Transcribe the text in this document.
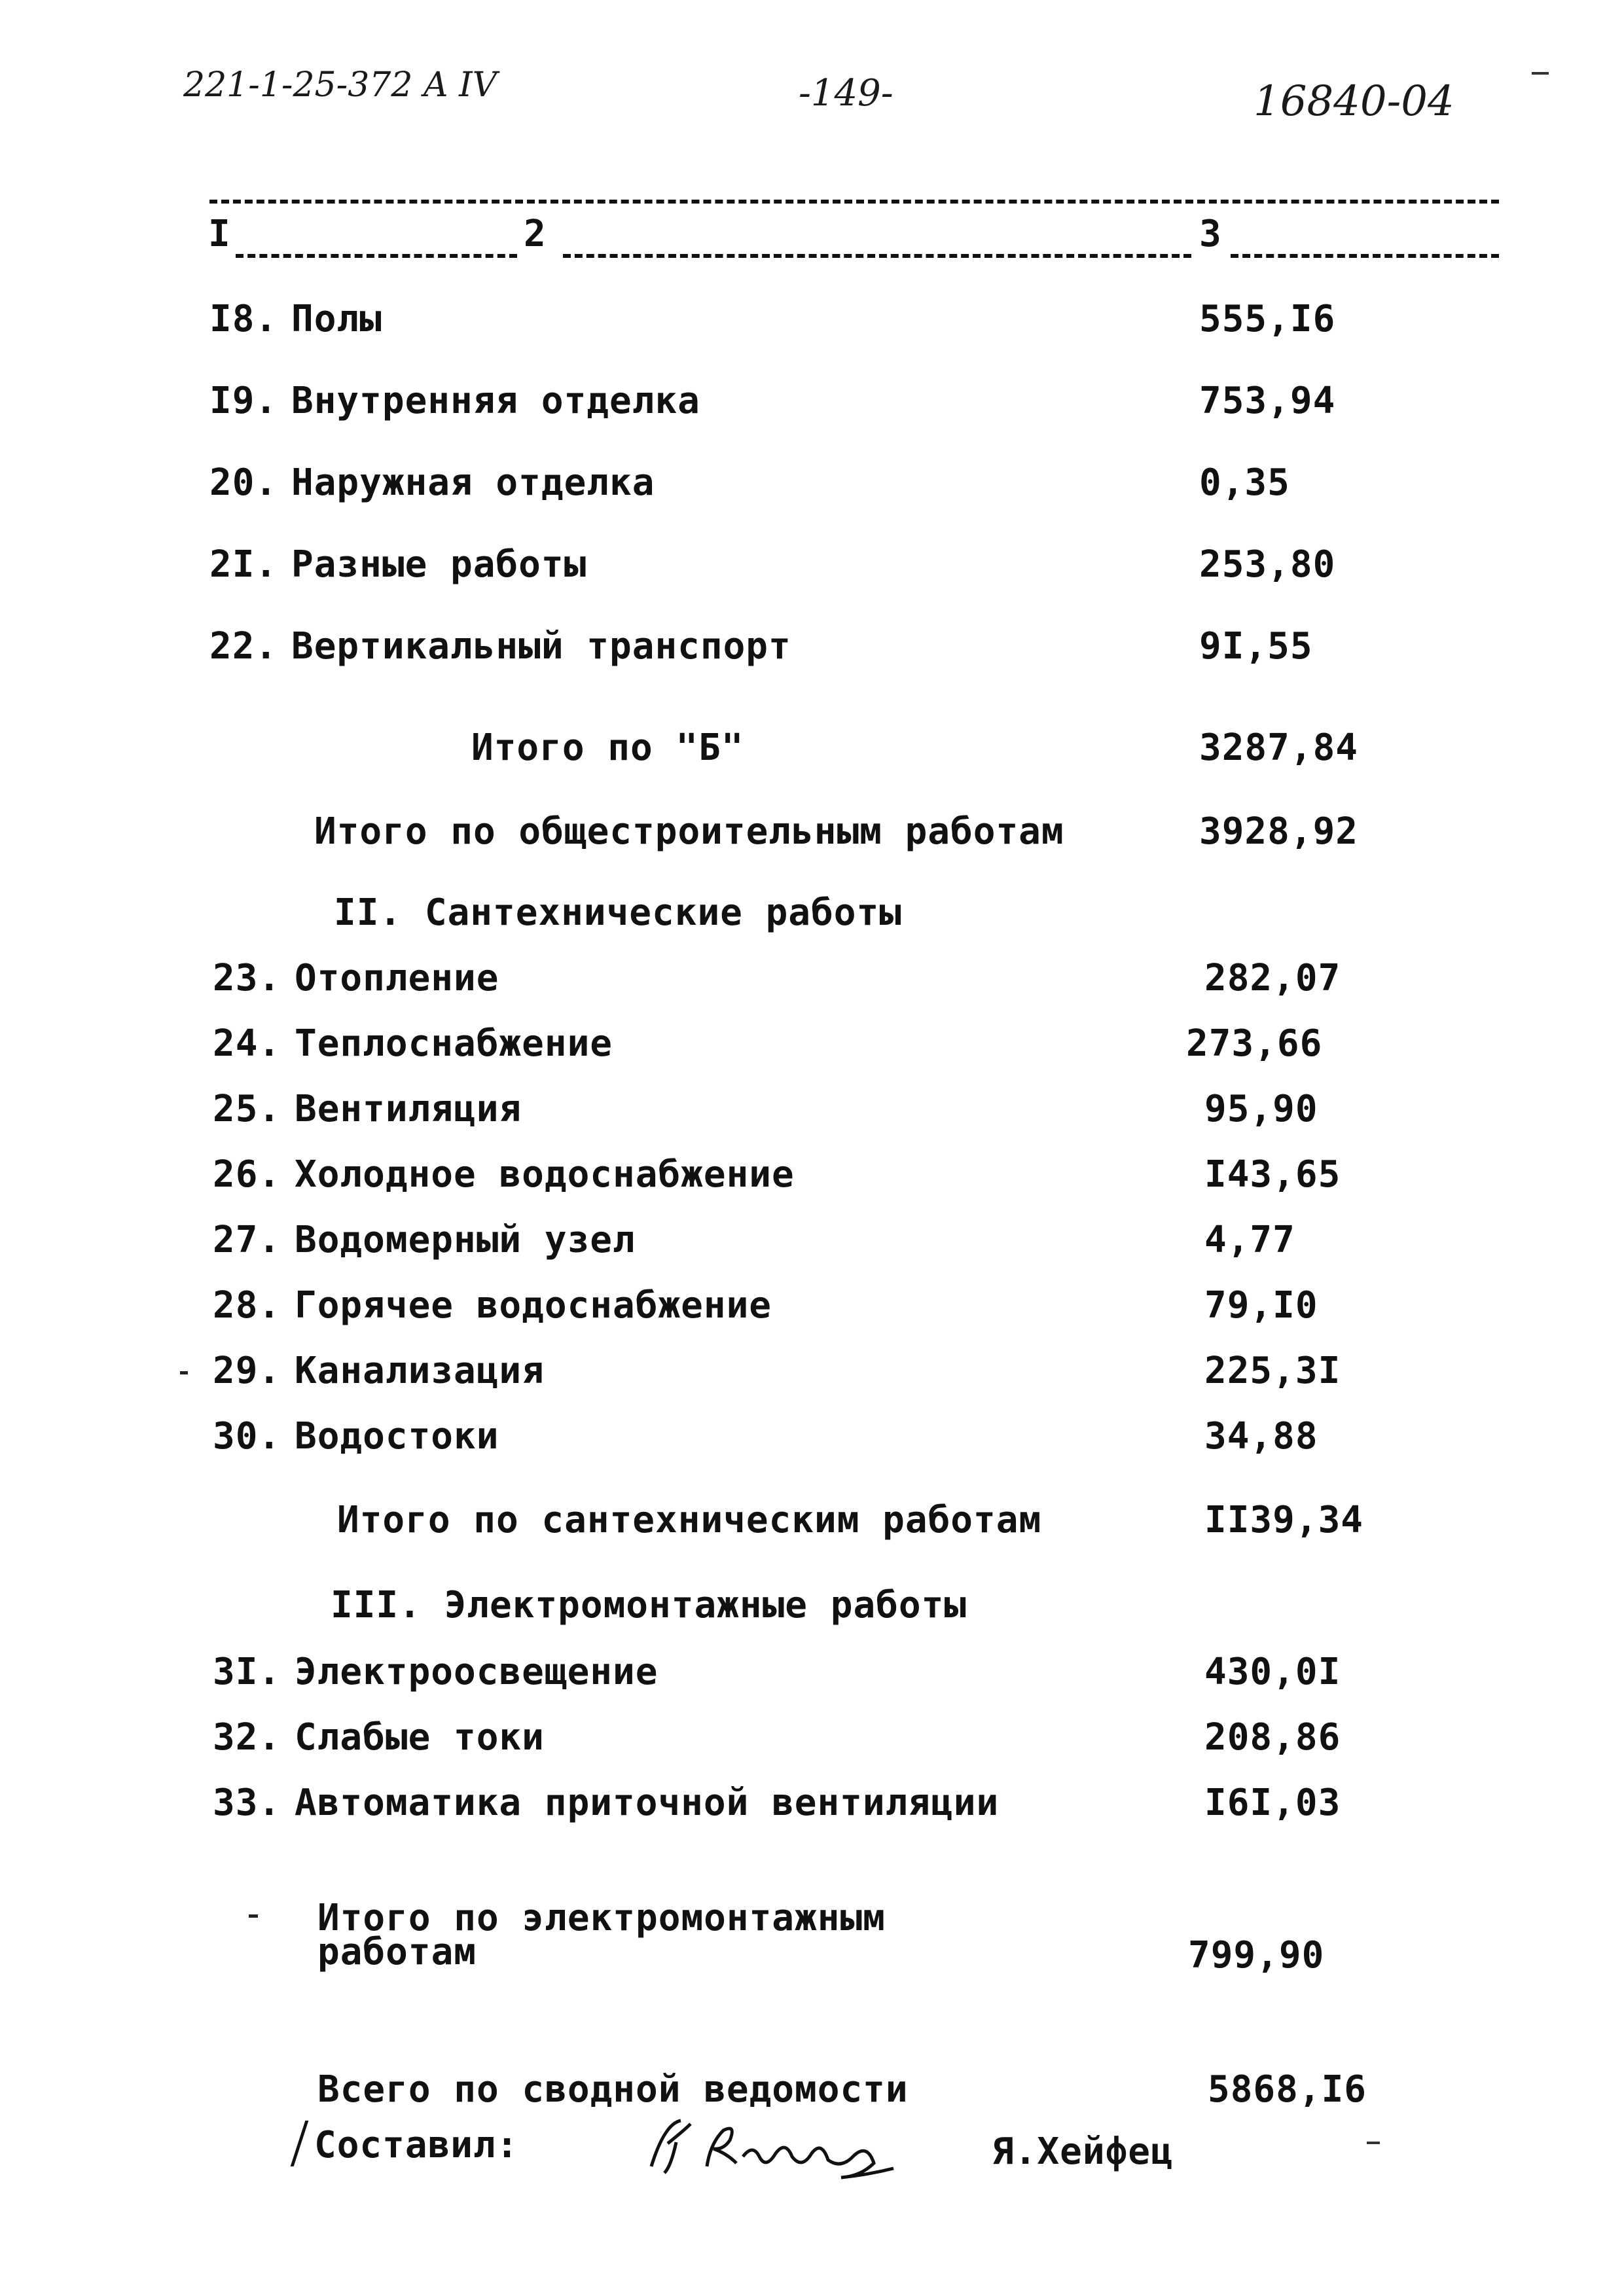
221-1-25-372 A IV	-149-	16840-04
I	2	3
I8. Полы	555,I6
I9. Внутренняя отделка	753,94
20. Наружная отделка	0,35
2I. Разные работы	253,80
22. Вертикальный транспорт	9I,55
Итого по "Б"	3287,84
Итого по общестроительным работам	3928,92
II. Сантехнические работы
23. Отопление	282,07
24. Теплоснабжение	273,66
25. Вентиляция	95,90
26. Холодное водоснабжение	I43,65
27. Водомерный узел	4,77
28. Горячее водоснабжение	79,I0
29. Канализация	225,3I
30. Водостоки	34,88
Итого по сантехническим работам	II39,34
III. Электромонтажные работы
3I. Электроосвещение	430,0I
32. Слабые токи	208,86
33. Автоматика приточной вентиляции	I6I,03
Итого по электромонтажным
работам	799,90
Всего по сводной ведомости	5868,I6
Составил:	Я.Хейфец
